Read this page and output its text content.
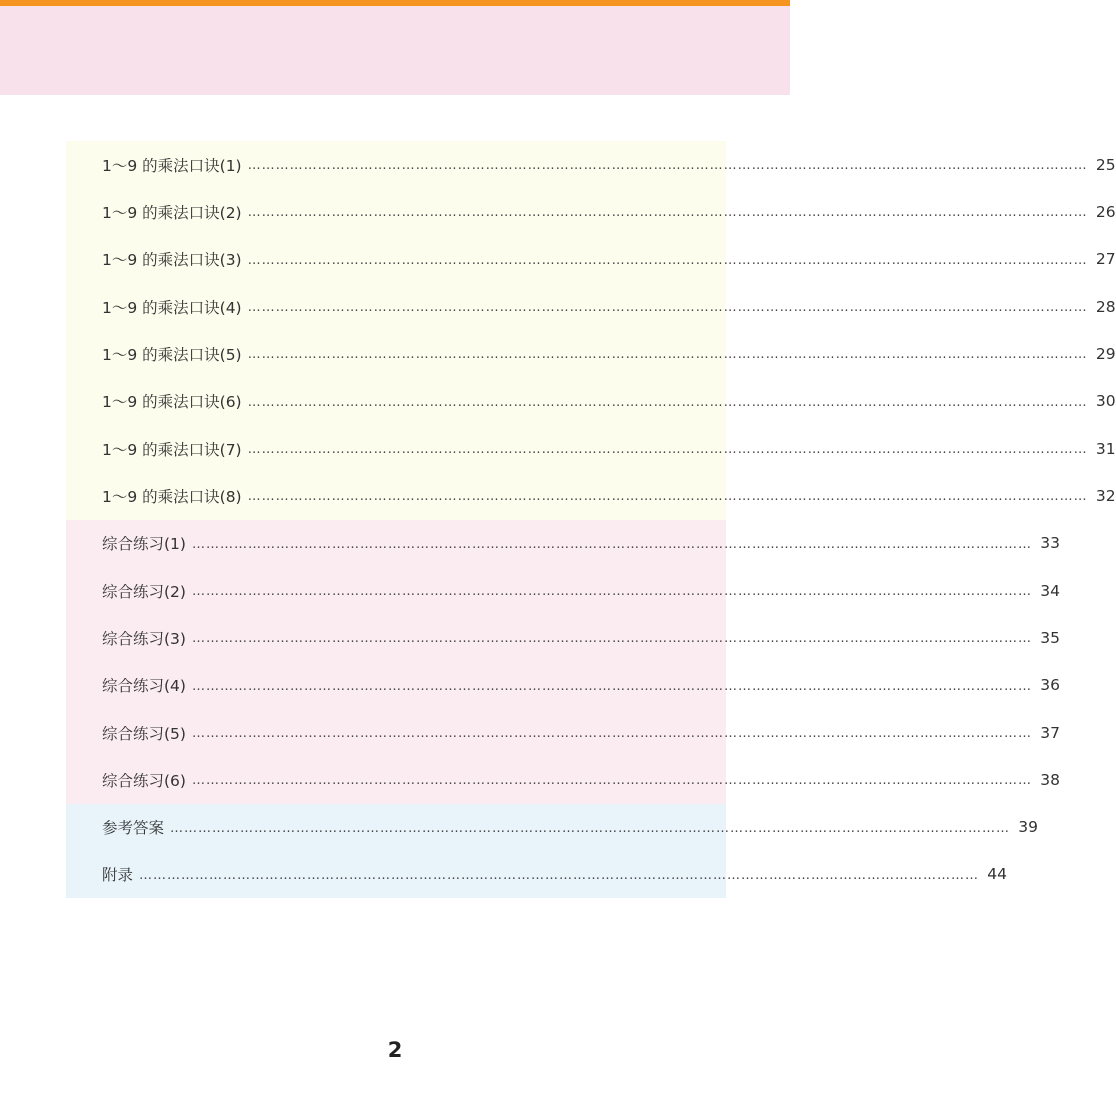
1～9 的乘法口诀(1) ……………………………………………………………………………………………………………………………………………………………… 25
1～9 的乘法口诀(2) ……………………………………………………………………………………………………………………………………………………………… 26
1～9 的乘法口诀(3) ……………………………………………………………………………………………………………………………………………………………… 27
1～9 的乘法口诀(4) ……………………………………………………………………………………………………………………………………………………………… 28
1～9 的乘法口诀(5) ……………………………………………………………………………………………………………………………………………………………… 29
1～9 的乘法口诀(6) ……………………………………………………………………………………………………………………………………………………………… 30
1～9 的乘法口诀(7) ……………………………………………………………………………………………………………………………………………………………… 31
1～9 的乘法口诀(8) ……………………………………………………………………………………………………………………………………………………………… 32
综合练习(1) ……………………………………………………………………………………………………………………………………………………………… 33
综合练习(2) ……………………………………………………………………………………………………………………………………………………………… 34
综合练习(3) ……………………………………………………………………………………………………………………………………………………………… 35
综合练习(4) ……………………………………………………………………………………………………………………………………………………………… 36
综合练习(5) ……………………………………………………………………………………………………………………………………………………………… 37
综合练习(6) ……………………………………………………………………………………………………………………………………………………………… 38
参考答案 ……………………………………………………………………………………………………………………………………………………………… 39
附录 ……………………………………………………………………………………………………………………………………………………………… 44
2
